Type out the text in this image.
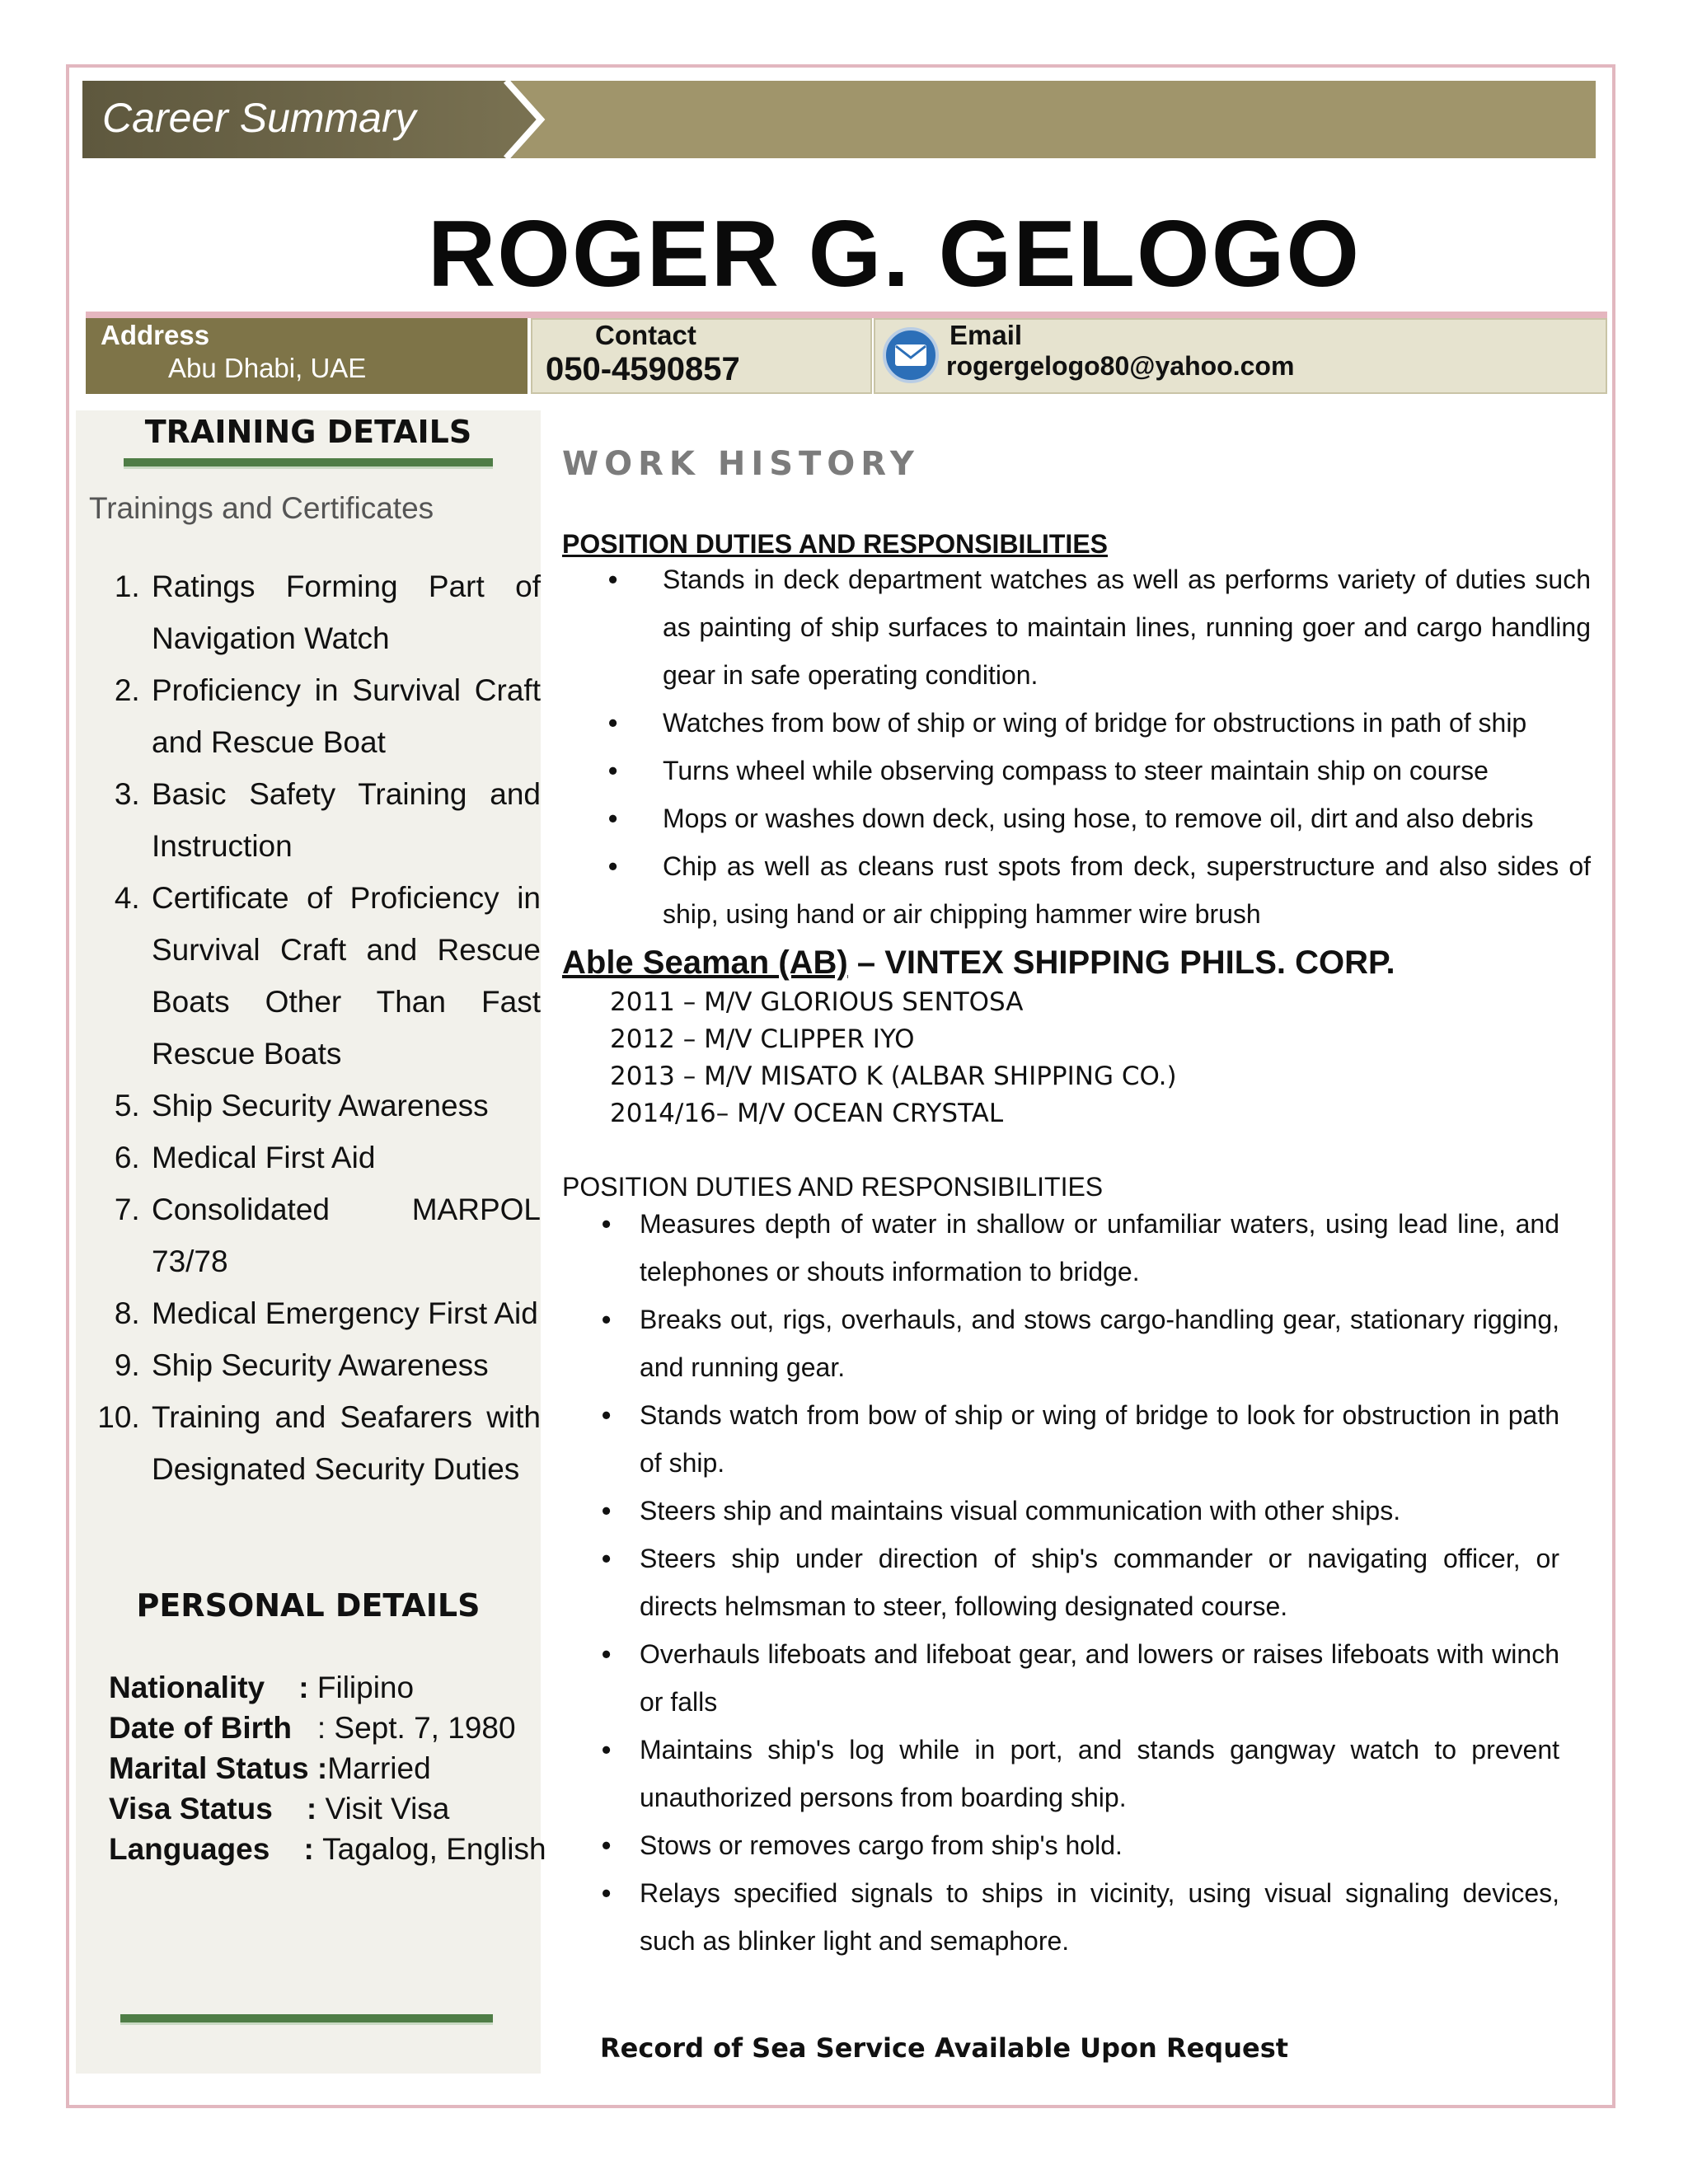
Career Summary
ROGER G. GELOGO
Address
Abu Dhabi, UAE
Contact
050-4590857
Email
rogergelogo80@yahoo.com
TRAINING DETAILS
Trainings and Certificates
1. Ratings Forming Part of Navigation Watch
2. Proficiency in Survival Craft and Rescue Boat
3. Basic Safety Training and Instruction
4. Certificate of Proficiency in Survival Craft and Rescue Boats Other Than Fast Rescue Boats
5. Ship Security Awareness
6. Medical First Aid
7. Consolidated MARPOL 73/78
8. Medical Emergency First Aid
9. Ship Security Awareness
10. Training and Seafarers with Designated Security Duties
PERSONAL DETAILS
Nationality    : Filipino
Date of Birth   : Sept. 7, 1980
Marital Status :Married
Visa Status    : Visit Visa
Languages    : Tagalog, English
WORK HISTORY
POSITION DUTIES AND RESPONSIBILITIES
•	Stands in deck department watches as well as performs variety of duties such as painting of ship surfaces to maintain lines, running goer and cargo handling gear in safe operating condition.
•	Watches from bow of ship or wing of bridge for obstructions in path of ship
•	Turns wheel while observing compass to steer maintain ship on course
•	Mops or washes down deck, using hose, to remove oil, dirt and also debris
•	Chip as well as cleans rust spots from deck, superstructure and also sides of ship, using hand or air chipping hammer wire brush
Able Seaman (AB) – VINTEX SHIPPING PHILS. CORP.
2011 – M/V GLORIOUS SENTOSA
2012 – M/V CLIPPER IYO
2013 – M/V MISATO K (ALBAR SHIPPING CO.)
2014/16– M/V OCEAN CRYSTAL
POSITION DUTIES AND RESPONSIBILITIES
•	Measures depth of water in shallow or unfamiliar waters, using lead line, and telephones or shouts information to bridge.
•	Breaks out, rigs, overhauls, and stows cargo-handling gear, stationary rigging, and running gear.
•	Stands watch from bow of ship or wing of bridge to look for obstruction in path of ship.
•	Steers ship and maintains visual communication with other ships.
•	Steers ship under direction of ship's commander or navigating officer, or directs helmsman to steer, following designated course.
•	Overhauls lifeboats and lifeboat gear, and lowers or raises lifeboats with winch or falls
•	Maintains ship's log while in port, and stands gangway watch to prevent unauthorized persons from boarding ship.
•	Stows or removes cargo from ship's hold.
•	Relays specified signals to ships in vicinity, using visual signaling devices, such as blinker light and semaphore.
Record of Sea Service Available Upon Request
